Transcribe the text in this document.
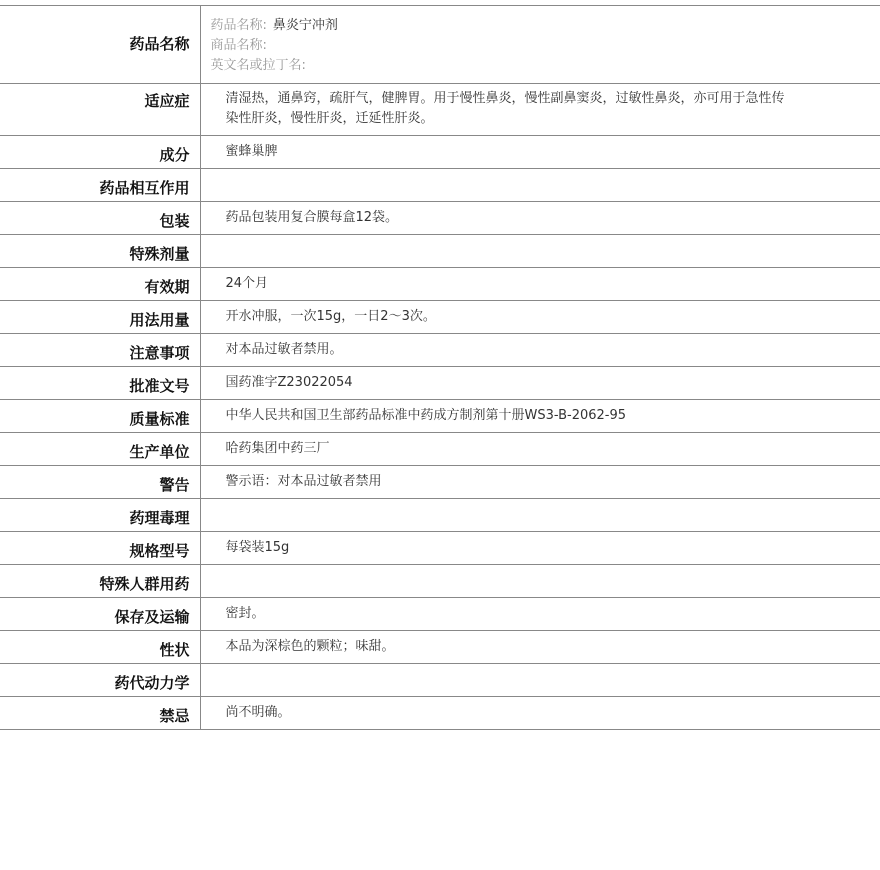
药品名称	药品名称: 鼻炎宁冲剂
商品名称:
英文名或拉丁名:

适应症	清湿热，通鼻窍，疏肝气，健脾胃。用于慢性鼻炎，慢性副鼻窦炎，过敏性鼻炎，亦可用于急性传染性肝炎，慢性肝炎，迁延性肝炎。
成分	蜜蜂巢脾
药品相互作用	
包装	药品包装用复合膜每盒12袋。
特殊剂量	
有效期	24个月
用法用量	开水冲服，一次15g，一日2～3次。
注意事项	对本品过敏者禁用。
批准文号	国药准字Z23022054
质量标准	中华人民共和国卫生部药品标准中药成方制剂第十册WS3-B-2062-95
生产单位	哈药集团中药三厂
警告	警示语：对本品过敏者禁用
药理毒理	
规格型号	每袋装15g
特殊人群用药	
保存及运输	密封。
性状	本品为深棕色的颗粒；味甜。
药代动力学	
禁忌	尚不明确。
